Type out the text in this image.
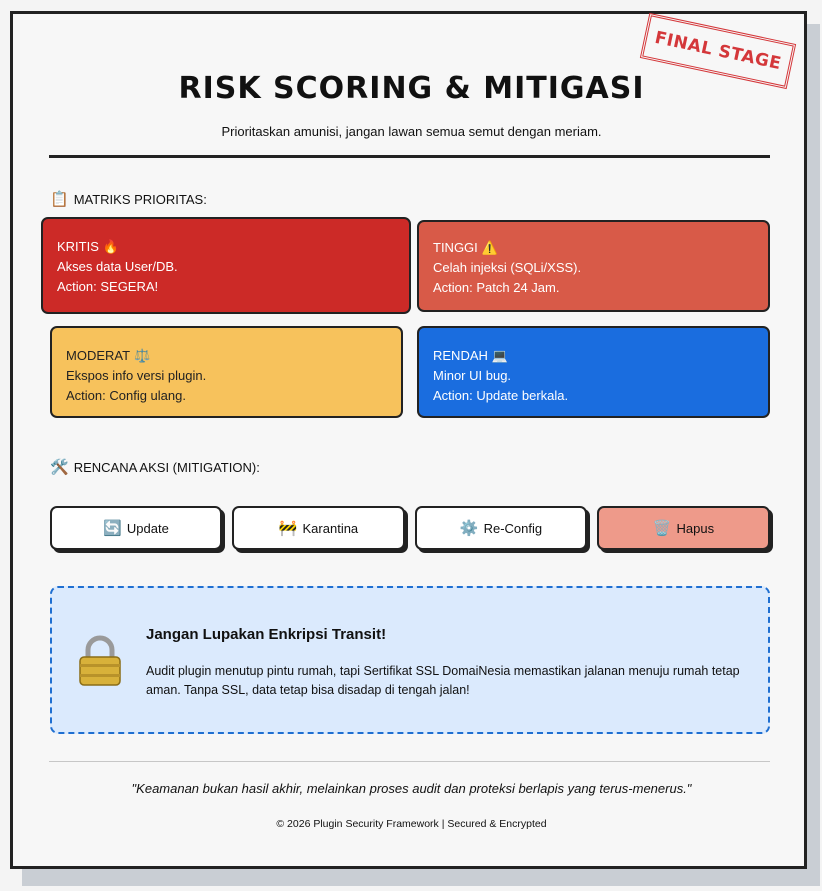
FINAL STAGE
RISK SCORING & MITIGASI
Prioritaskan amunisi, jangan lawan semua semut dengan meriam.
📋 MATRIKS PRIORITAS:
KRITIS 🔥
Akses data User/DB.
Action: SEGERA!
TINGGI ⚠️
Celah injeksi (SQLi/XSS).
Action: Patch 24 Jam.
MODERAT ⚖️
Ekspos info versi plugin.
Action: Config ulang.
RENDAH 💻
Minor UI bug.
Action: Update berkala.
🛠️ RENCANA AKSI (MITIGATION):
🔄 Update	🚧 Karantina	⚙️ Re-Config	🗑️ Hapus
Jangan Lupakan Enkripsi Transit!
Audit plugin menutup pintu rumah, tapi Sertifikat SSL DomaiNesia memastikan jalanan menuju rumah tetap aman. Tanpa SSL, data tetap bisa disadap di tengah jalan!
"Keamanan bukan hasil akhir, melainkan proses audit dan proteksi berlapis yang terus-menerus."
© 2026 Plugin Security Framework | Secured & Encrypted
